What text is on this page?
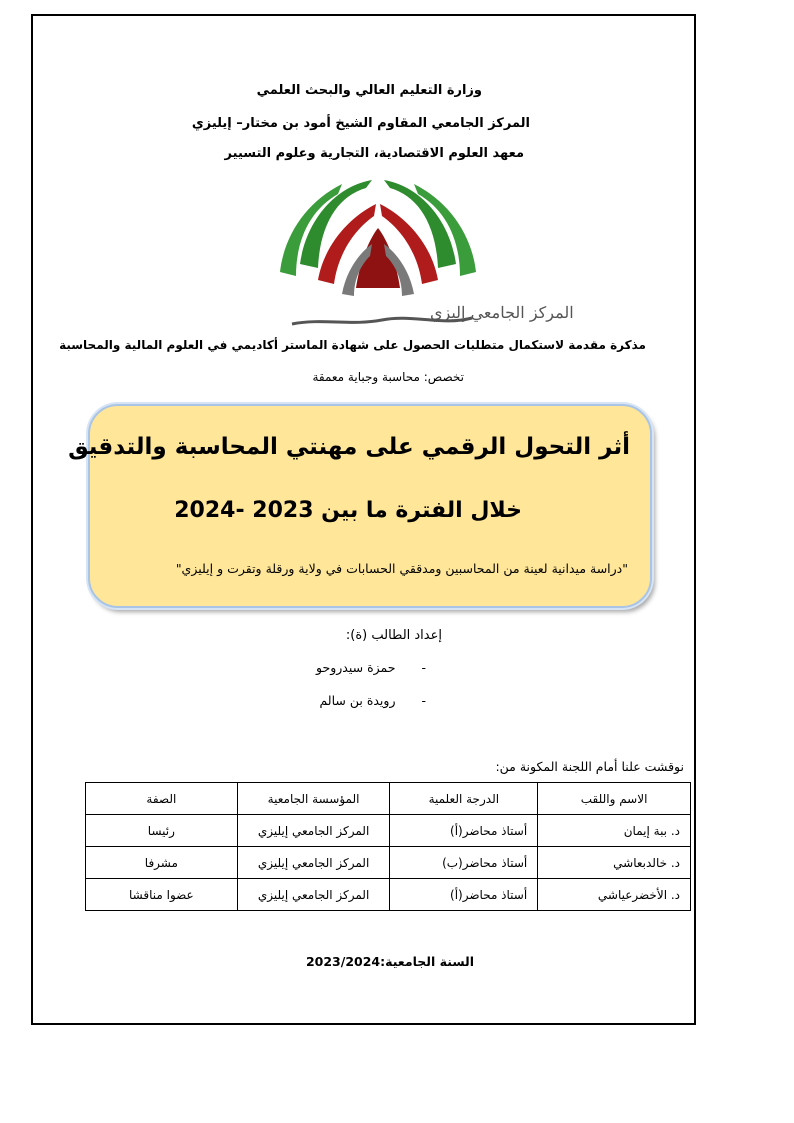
وزارة التعليم العالي والبحث العلمي
المركز الجامعي المقاوم الشيخ أمود بن مختار– إيليزي
معهد العلوم الاقتصادية، التجارية وعلوم التسيير
المركز الجامعي إليزي
مذكرة مقدمة لاستكمال متطلبات الحصول على شهادة الماستر أكاديمي في العلوم المالية والمحاسبة
تخصص: محاسبة وجباية معمقة
أثر التحول الرقمي على مهنتي المحاسبة والتدقيق
خلال الفترة ما بين 2023 -2024
"دراسة ميدانية لعينة من المحاسبين ومدققي الحسابات في ولاية ورقلة وتقرت و إيليزي"
إعداد الطالب (ة):
-حمزة سيدروحو
-رويدة بن سالم
نوقشت علنا أمام اللجنة المكونة من:
الاسم واللقب	الدرجة العلمية	المؤسسة الجامعية	الصفة
د. ببة إيمان	أستاذ محاضر(أ)	المركز الجامعي إيليزي	رئيسا
د. خالدبعاشي	أستاذ محاضر(ب)	المركز الجامعي إيليزي	مشرفا
د. الأخضرعياشي	أستاذ محاضر(أ)	المركز الجامعي إيليزي	عضوا مناقشا
السنة الجامعية:2023/2024
